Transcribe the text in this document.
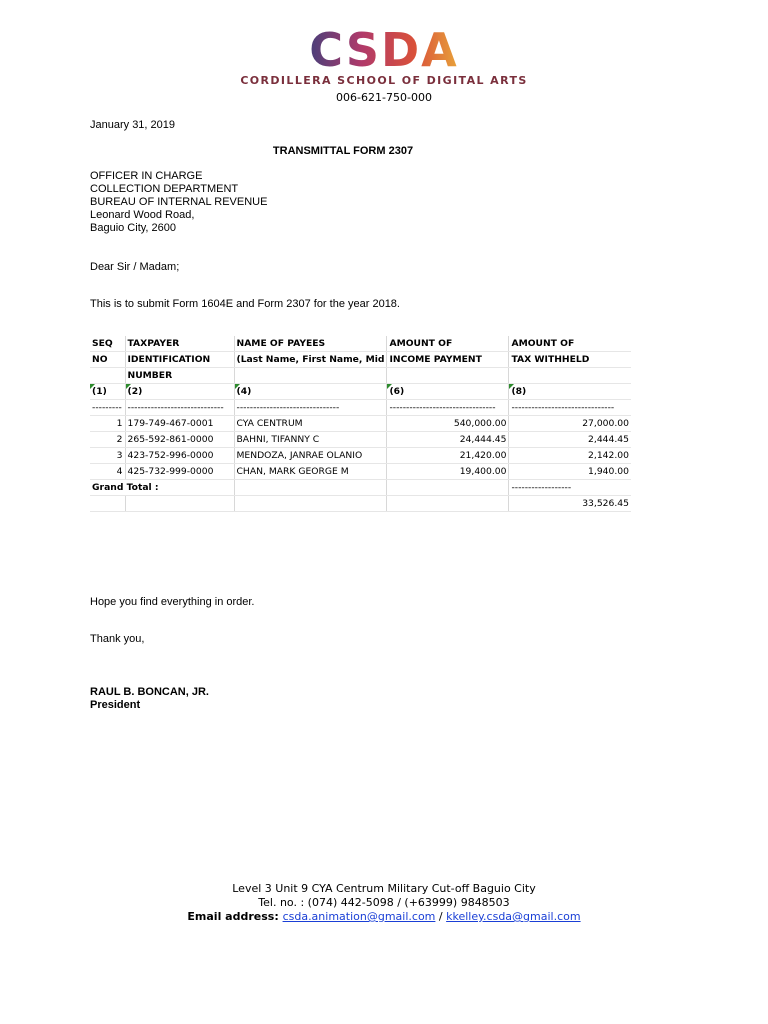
CSDA
CORDILLERA SCHOOL OF DIGITAL ARTS
006-621-750-000
January 31, 2019
TRANSMITTAL FORM 2307
OFFICER IN CHARGE
COLLECTION DEPARTMENT
BUREAU OF INTERNAL REVENUE
Leonard Wood Road,
Baguio City, 2600
Dear Sir / Madam;
This is to submit Form 1604E and Form 2307 for the year 2018.
SEQ	TAXPAYER	NAME OF PAYEES	AMOUNT OF	AMOUNT OF
NO	IDENTIFICATION	(Last Name, First Name, Mid	INCOME PAYMENT	TAX WITHHELD
	NUMBER			
(1)	(2)	(4)	(6)	(8)
---------	-----------------------------	-------------------------------	--------------------------------	-------------------------------
1	179-749-467-0001	CYA CENTRUM	540,000.00	27,000.00
2	265-592-861-0000	BAHNI, TIFANNY C	24,444.45	2,444.45
3	423-752-996-0000	MENDOZA, JANRAE OLANIO	21,420.00	2,142.00
4	425-732-999-0000	CHAN, MARK GEORGE M	19,400.00	1,940.00
Grand Total :				------------------
				33,526.45
Hope you find everything in order.
Thank you,
RAUL B. BONCAN, JR.
President
Level 3 Unit 9 CYA Centrum Military Cut-off Baguio City
Tel. no. : (074) 442-5098 / (+63999) 9848503
Email address: csda.animation@gmail.com / kkelley.csda@gmail.com
